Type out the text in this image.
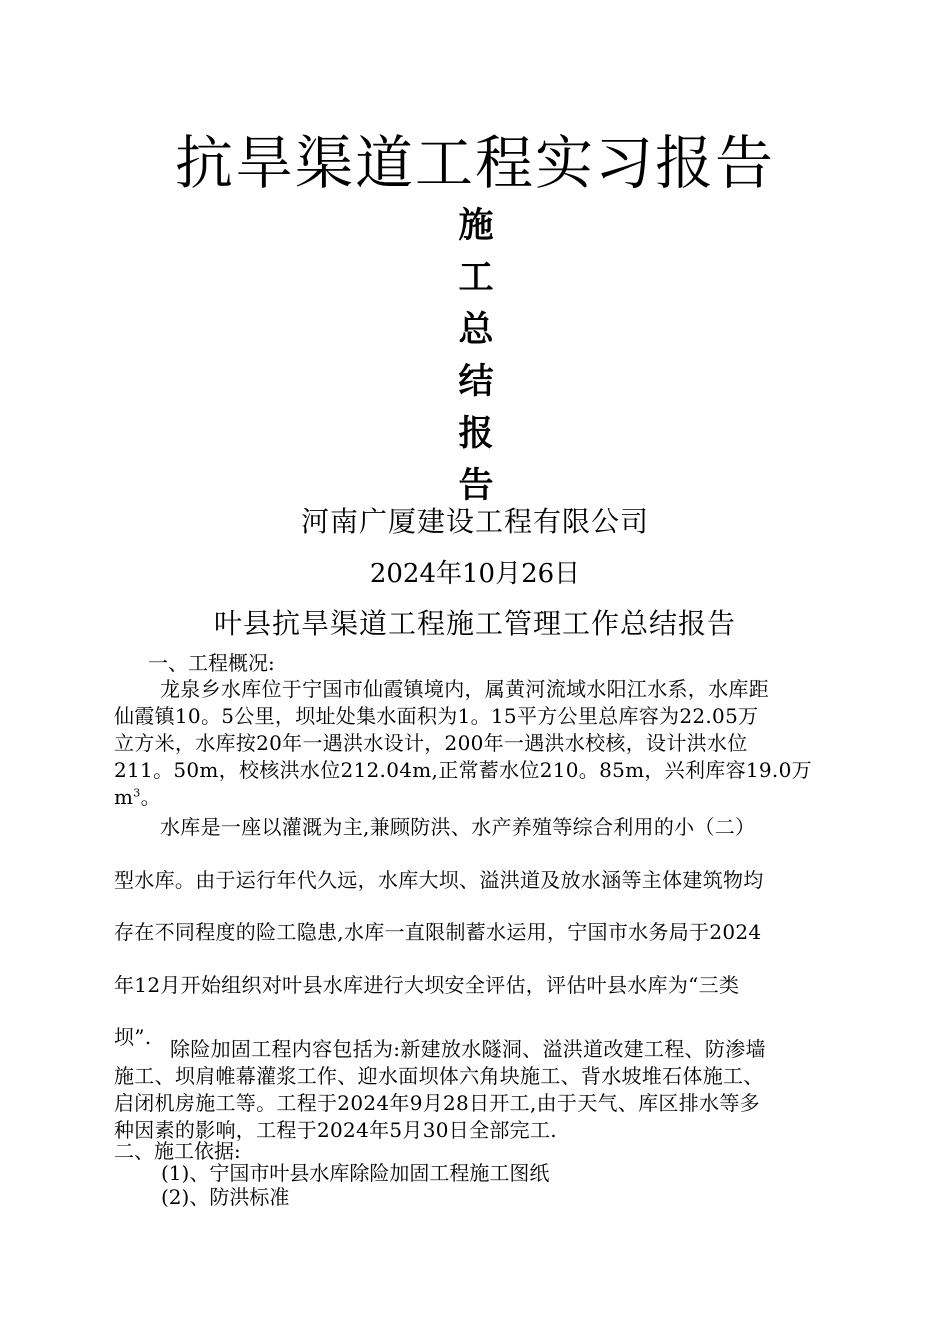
抗旱渠道工程实习报告
施
工
总
结
报
告
河南广厦建设工程有限公司
2024年10月26日
叶县抗旱渠道工程施工管理工作总结报告
一、工程概况:
龙泉乡水库位于宁国市仙霞镇境内，属黄河流域水阳江水系，水库距
仙霞镇10。5公里，坝址处集水面积为1。15平方公里总库容为22.05万
立方米，水库按20年一遇洪水设计，200年一遇洪水校核，设计洪水位
211。50m，校核洪水位212.04m,正常蓄水位210。85m，兴利库容19.0万
$m^3$。
水库是一座以灌溉为主,兼顾防洪、水产养殖等综合利用的小（二）
型水库。由于运行年代久远，水库大坝、溢洪道及放水涵等主体建筑物均
存在不同程度的险工隐患,水库一直限制蓄水运用，宁国市水务局于2024
年12月开始组织对叶县水库进行大坝安全评估，评估叶县水库为“三类
坝”. 除险加固工程内容包括为:新建放水隧洞、溢洪道改建工程、防渗墙
施工、坝肩帷幕灌浆工作、迎水面坝体六角块施工、背水坡堆石体施工、
启闭机房施工等。工程于2024年9月28日开工,由于天气、库区排水等多
种因素的影响，工程于2024年5月30日全部完工.
二、施工依据:
(1)、宁国市叶县水库除险加固工程施工图纸
(2)、防洪标准
